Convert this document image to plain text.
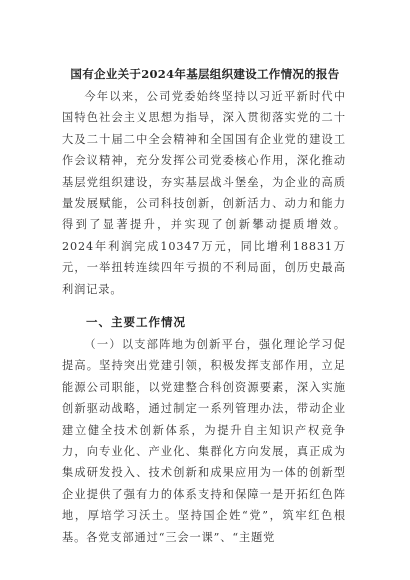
国有企业关于2024年基层组织建设工作情况的报告

今年以来，公司党委始终坚持以习近平新时代中国特色社会主义思想为指导，深入贯彻落实党的二十大及二十届二中全会精神和全国国有企业党的建设工作会议精神，充分发挥公司党委核心作用，深化推动基层党组织建设，夯实基层战斗堡垒，为企业的高质量发展赋能，公司科技创新，创新活力、动力和能力得到了显著提升，并实现了创新攀动提质增效。2024年利润完成10347万元，同比增利18831万元，一举扭转连续四年亏损的不利局面，创历史最高利润记录。

一、主要工作情况

（一）以支部阵地为创新平台，强化理论学习促提高。坚持突出党建引领，积极发挥支部作用，立足能源公司职能，以党建整合科创资源要素，深入实施创新驱动战略，通过制定一系列管理办法，带动企业建立健全技术创新体系，为提升自主知识产权竞争力，向专业化、产业化、集群化方向发展，真正成为集成研发投入、技术创新和成果应用为一体的创新型企业提供了强有力的体系支持和保障一是开拓红色阵地，厚培学习沃土。坚持国企姓“党”，筑牢红色根基。各党支部通过“三会一课”、“主题党
